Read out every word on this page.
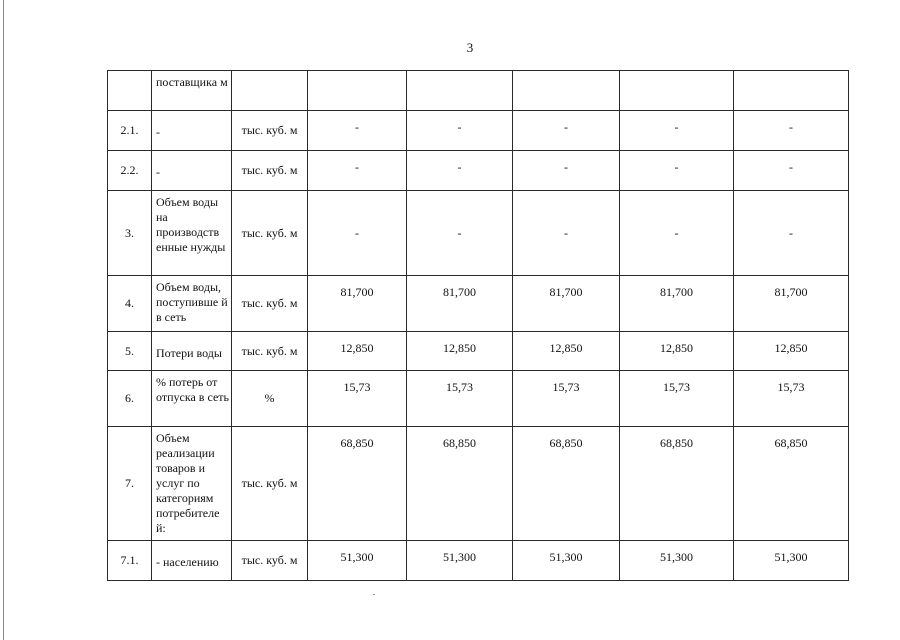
3
	поставщика м						
2.1.	-	тыс. куб. м	-	-	-	-	-
2.2.	-	тыс. куб. м	-	-	-	-	-
3.	Объем воды на производств енные нужды	тыс. куб. м	-	-	-	-	-
4.	Объем воды, поступивше й в сеть	тыс. куб. м	81,700	81,700	81,700	81,700	81,700
5.	Потери воды	тыс. куб. м	12,850	12,850	12,850	12,850	12,850
6.	% потерь от отпуска в сеть	%	15,73	15,73	15,73	15,73	15,73
7.	Объем реализации товаров и услуг по категориям потребителе й:	тыс. куб. м	68,850	68,850	68,850	68,850	68,850
7.1.	- населению	тыс. куб. м	51,300	51,300	51,300	51,300	51,300
